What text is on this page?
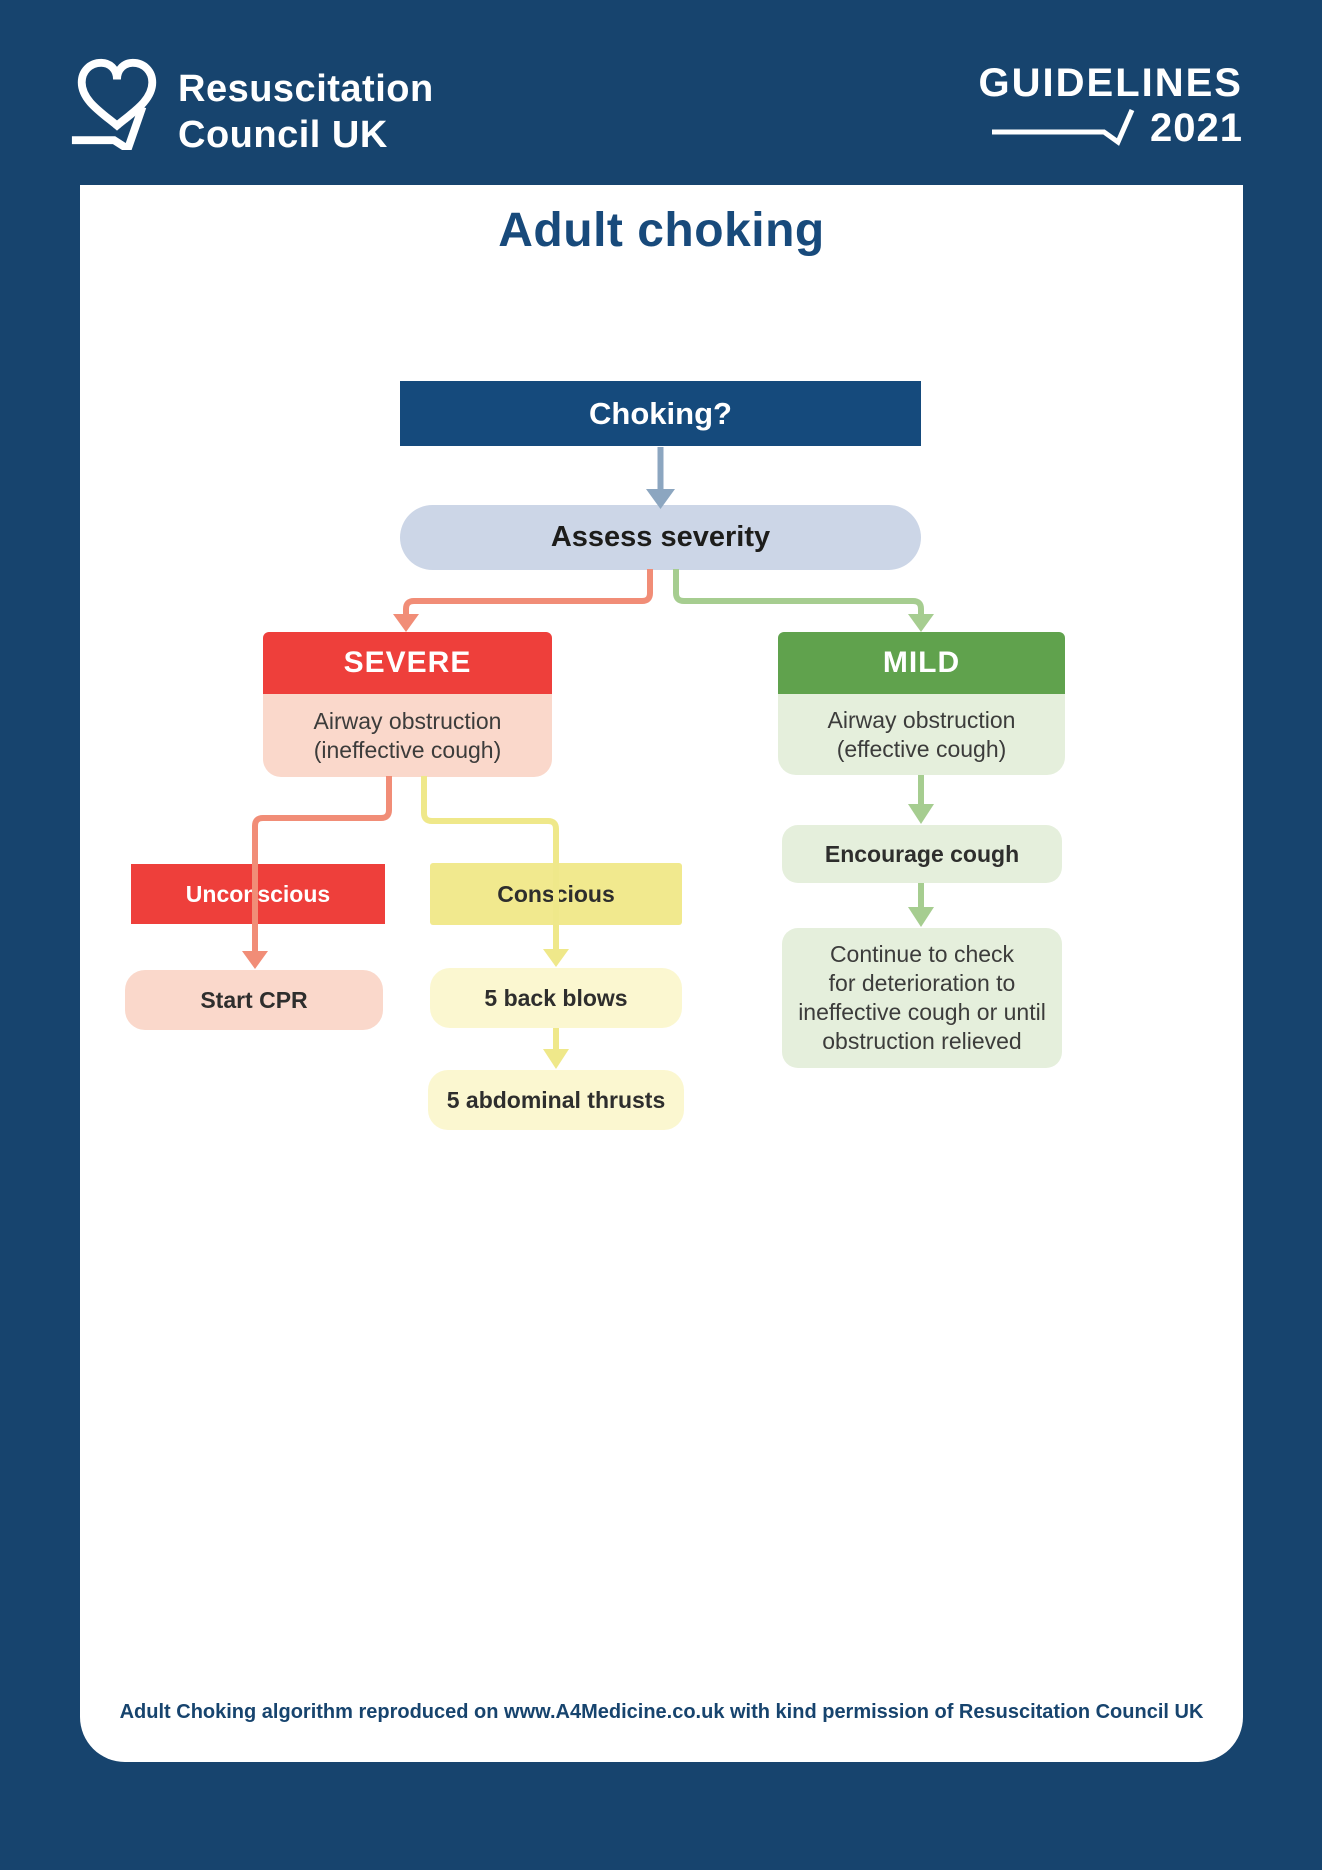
Resuscitation
Council UK
GUIDELINES
2021
Adult choking
Choking?
Assess severity
SEVERE
Airway obstruction
(ineffective cough)
MILD
Airway obstruction
(effective cough)
Unconscious	Conscious
Start CPR	5 back blows
5 abdominal thrusts
Encourage cough
Continue to check
for deterioration to
ineffective cough or until
obstruction relieved
Adult Choking algorithm reproduced on www.A4Medicine.co.uk with kind permission of Resuscitation Council UK
